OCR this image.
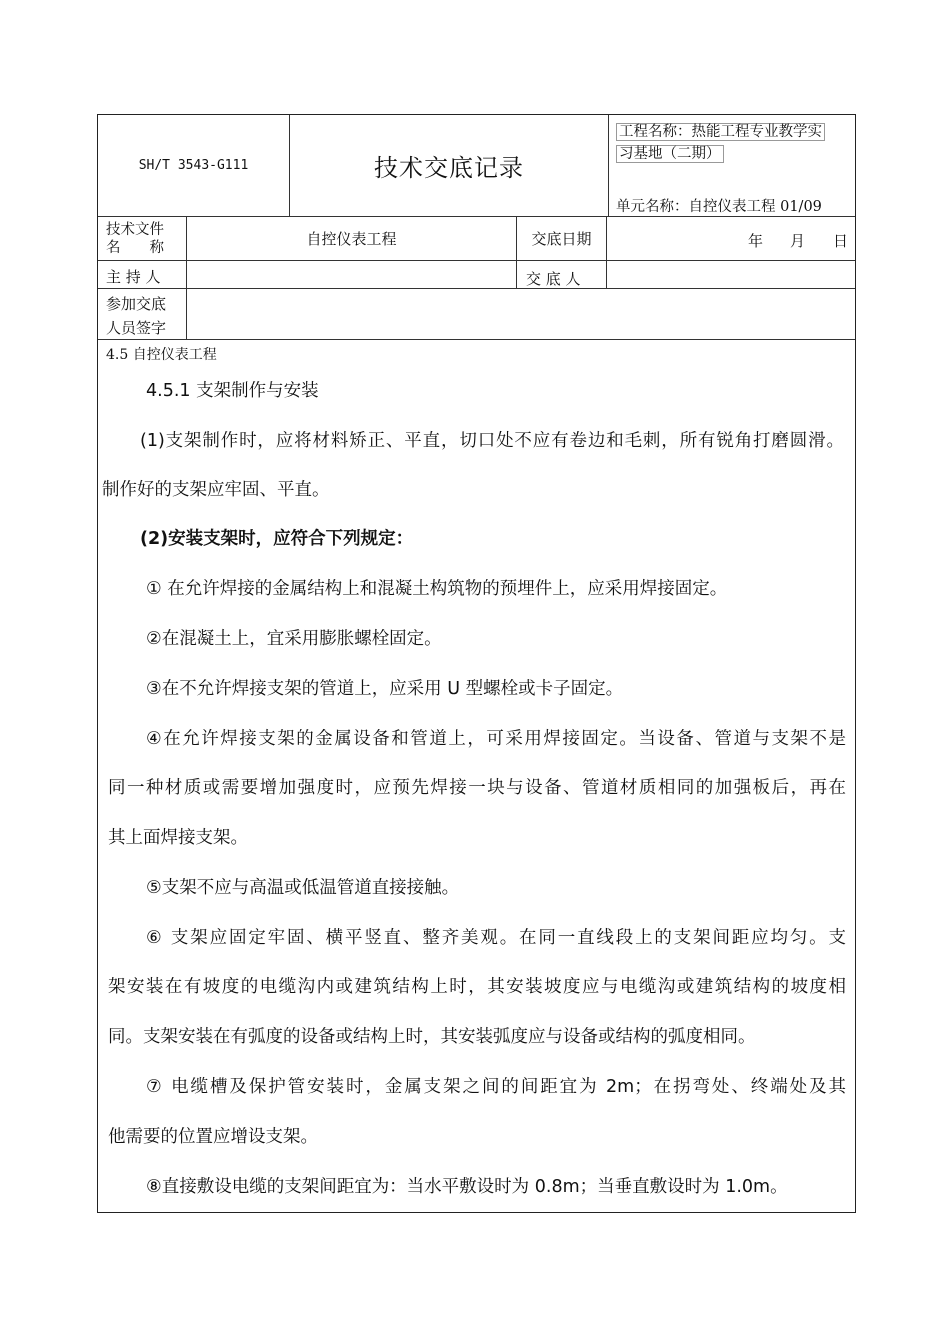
SH/T 3543-G111	技术交底记录
工程名称：热能工程专业教学实
习基地（二期）
单元名称：自控仪表工程 01/09
技术文件
名　　称
自控仪表工程	交底日期	年 月 日
主 持 人	交 底 人
参加交底
人员签字
4.5 自控仪表工程
4.5.1 支架制作与安装
(1)支架制作时，应将材料矫正、平直，切口处不应有卷边和毛刺，所有锐角打磨圆滑。
制作好的支架应牢固、平直。
(2)安装支架时，应符合下列规定：
① 在允许焊接的金属结构上和混凝土构筑物的预埋件上，应采用焊接固定。
②在混凝土上，宜采用膨胀螺栓固定。
③在不允许焊接支架的管道上，应采用 U 型螺栓或卡子固定。
④在允许焊接支架的金属设备和管道上，可采用焊接固定。当设备、管道与支架不是
同一种材质或需要增加强度时，应预先焊接一块与设备、管道材质相同的加强板后，再在
其上面焊接支架。
⑤支架不应与高温或低温管道直接接触。
⑥ 支架应固定牢固、横平竖直、整齐美观。在同一直线段上的支架间距应均匀。支
架安装在有坡度的电缆沟内或建筑结构上时，其安装坡度应与电缆沟或建筑结构的坡度相
同。支架安装在有弧度的设备或结构上时，其安装弧度应与设备或结构的弧度相同。
⑦ 电缆槽及保护管安装时，金属支架之间的间距宜为 2m；在拐弯处、终端处及其
他需要的位置应增设支架。
⑧直接敷设电缆的支架间距宜为：当水平敷设时为 0.8m；当垂直敷设时为 1.0m。
